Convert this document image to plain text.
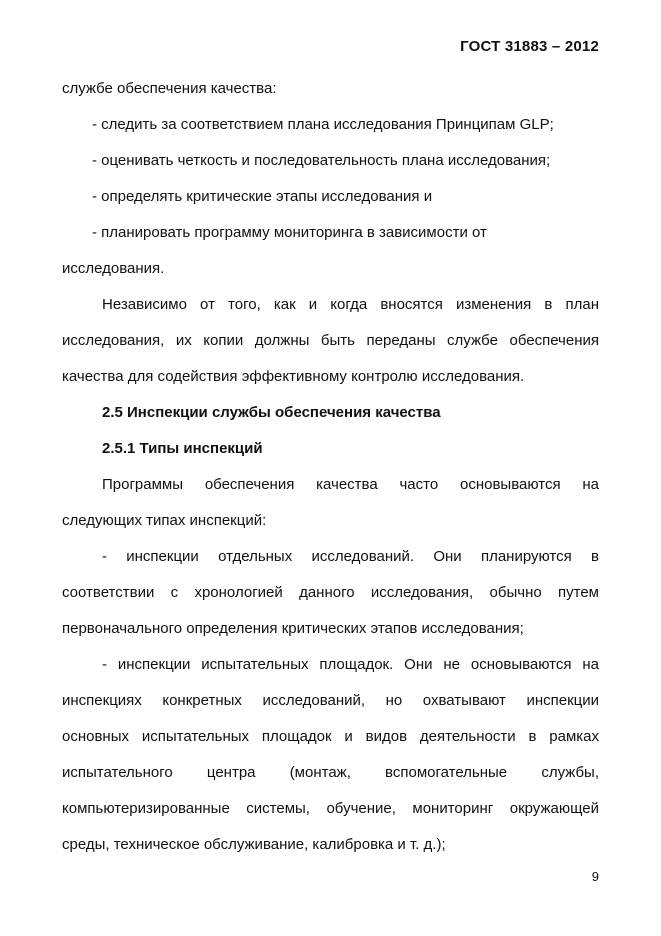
ГОСТ 31883 – 2012
службе обеспечения качества:
- следить за соответствием плана исследования Принципам GLP;
- оценивать четкость и последовательность плана исследования;
- определять критические этапы исследования и
- планировать программу мониторинга в зависимости от
исследования.
Независимо от того, как и когда вносятся изменения в план
исследования, их копии должны быть переданы службе обеспечения
качества для содействия эффективному контролю исследования.
2.5 Инспекции службы обеспечения качества
2.5.1 Типы инспекций
Программы обеспечения качества часто основываются на
следующих типах инспекций:
- инспекции отдельных исследований. Они планируются в
соответствии с хронологией данного исследования, обычно путем
первоначального определения критических этапов исследования;
- инспекции испытательных площадок. Они не основываются на
инспекциях конкретных исследований, но охватывают инспекции
основных испытательных площадок и видов деятельности в рамках
испытательного центра (монтаж, вспомогательные службы,
компьютеризированные системы, обучение, мониторинг окружающей
среды, техническое обслуживание, калибровка и т. д.);
9
